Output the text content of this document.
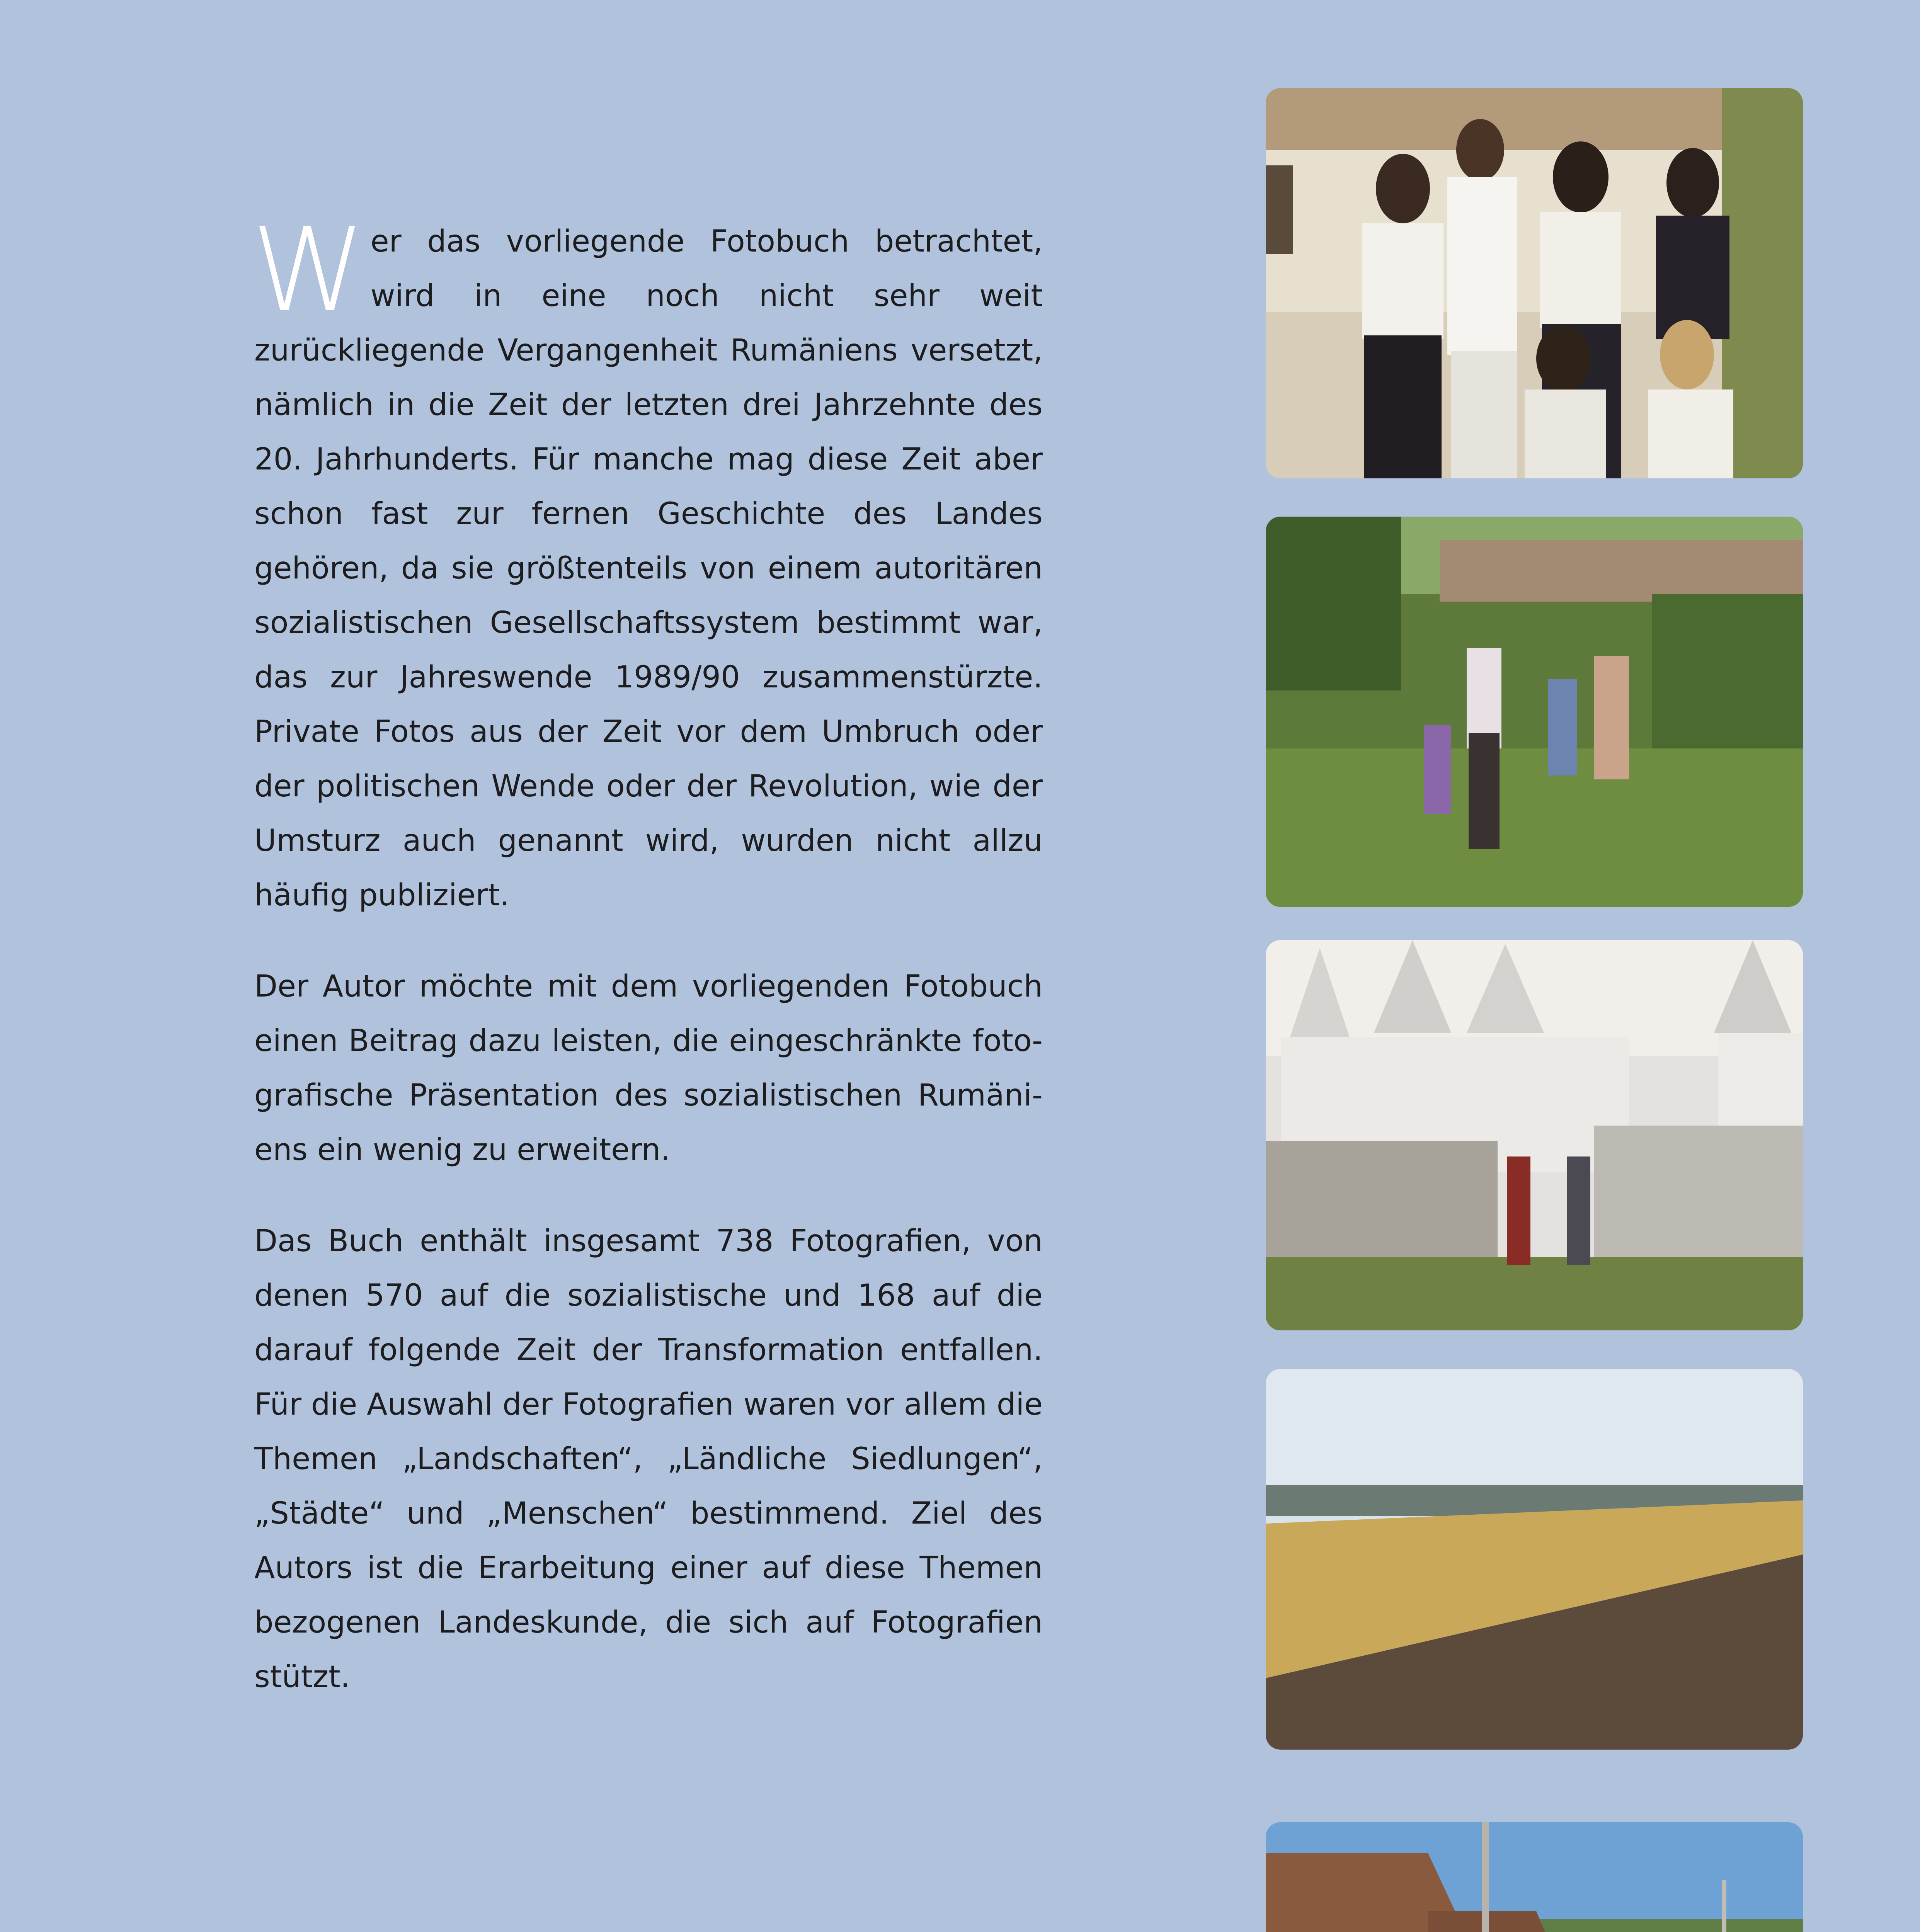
Wer das vorliegende Fotobuch betrachtet, wird in eine noch nicht sehr weit zurückliegende Vergangenheit Rumäniens versetzt, nämlich in die Zeit der letzten drei Jahrzehnte des 20. Jahrhunderts. Für manche mag diese Zeit aber schon fast zur fernen Geschichte des Landes gehören, da sie größtenteils von einem autoritären sozialistischen Gesellschaftssystem bestimmt war, das zur Jahreswende 1989/90 zusammenstürzte. Private Fotos aus der Zeit vor dem Umbruch oder der politischen Wende oder der Revolution, wie der Umsturz auch genannt wird, wurden nicht allzu häufig publiziert.

Der Autor möchte mit dem vorliegenden Fotobuch einen Beitrag dazu leisten, die eingeschränkte fotografische Präsentation des sozialistischen Rumäniens ein wenig zu erweitern.

Das Buch enthält insgesamt 738 Fotografien, von denen 570 auf die sozialistische und 168 auf die darauf folgende Zeit der Transformation entfallen. Für die Auswahl der Fotografien waren vor allem die Themen „Landschaften“, „Ländliche Siedlungen“, „Städte“ und „Menschen“ bestimmend. Ziel des Autors ist die Erarbeitung einer auf diese Themen bezogenen Landeskunde, die sich auf Fotografien stützt.
